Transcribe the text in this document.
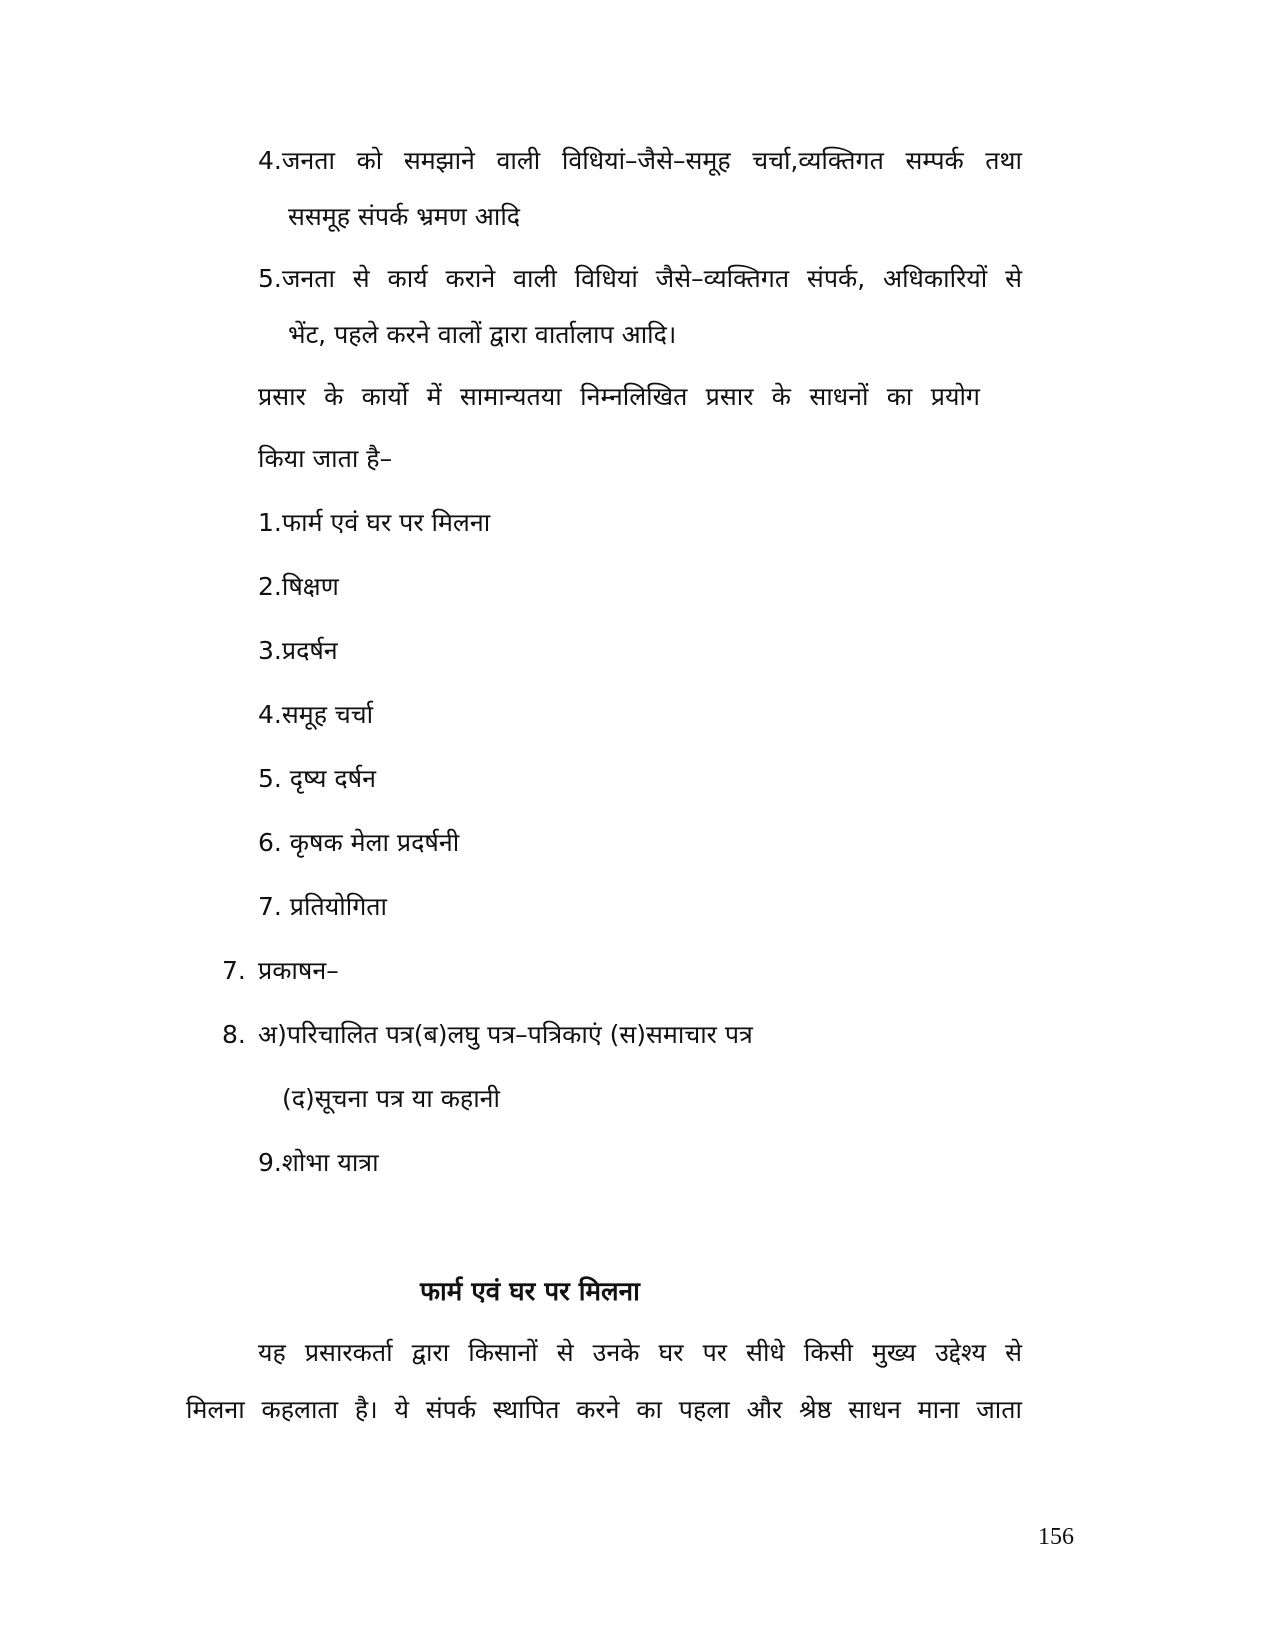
4.जनता को समझाने वाली विधियां–जैसे–समूह चर्चा,व्यक्तिगत सम्पर्क तथा
ससमूह संपर्क भ्रमण आदि
5.जनता से कार्य कराने वाली विधियां जैसे–व्यक्तिगत संपर्क, अधिकारियों से
भेंट, पहले करने वालों द्वारा वार्तालाप आदि।
प्रसार के कार्यो में सामान्यतया निम्नलिखित प्रसार के साधनों का प्रयोग
किया जाता है–
1.फार्म एवं घर पर मिलना
2.षिक्षण
3.प्रदर्षन
4.समूह चर्चा
5. दृष्य दर्षन
6. कृषक मेला प्रदर्षनी
7. प्रतियोगिता
7. प्रकाषन–
8. अ)परिचालित पत्र(ब)लघु पत्र–पत्रिकाएं (स)समाचार पत्र
(द)सूचना पत्र या कहानी
9.शोभा यात्रा
फार्म एवं घर पर मिलना
यह प्रसारकर्ता द्वारा किसानों से उनके घर पर सीधे किसी मुख्य उद्देश्य से
मिलना कहलाता है। ये संपर्क स्थापित करने का पहला और श्रेष्ठ साधन माना जाता
156
